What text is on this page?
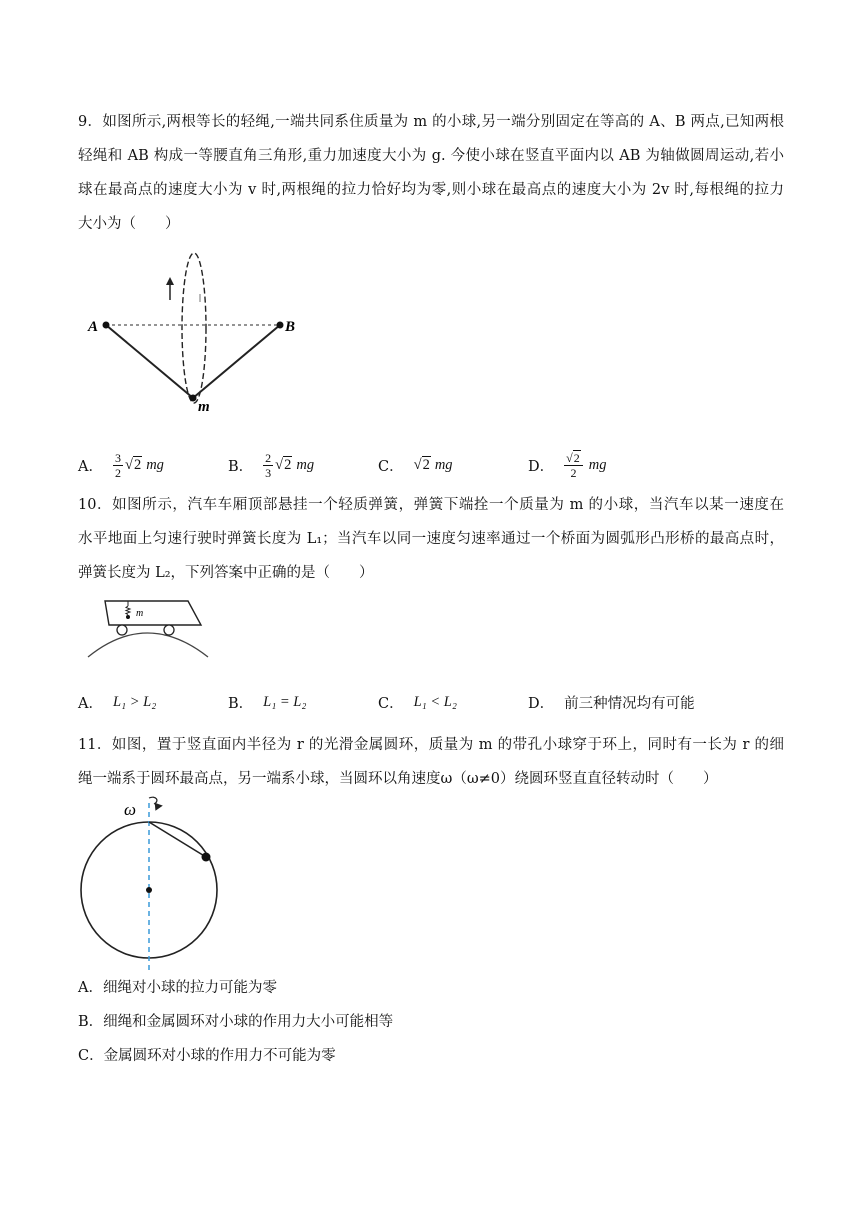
9．如图所示,两根等长的轻绳,一端共同系住质量为 m 的小球,另一端分别固定在等高的 A、B 两点,已知两根
轻绳和 AB 构成一等腰直角三角形,重力加速度大小为 g. 今使小球在竖直平面内以 AB 为轴做圆周运动,若小
球在最高点的速度大小为 v 时,两根绳的拉力恰好均为零,则小球在最高点的速度大小为 2v 时,每根绳的拉力
大小为（　　）
A	B
m
A． $\frac{3}{2} √2$ mg	B． $\frac{2}{3} √2$ mg	C． √2 mg	D． $\frac{√2}{2}$ mg
10．如图所示，汽车车厢顶部悬挂一个轻质弹簧，弹簧下端拴一个质量为 m 的小球，当汽车以某一速度在
水平地面上匀速行驶时弹簧长度为 L₁；当汽车以同一速度匀速率通过一个桥面为圆弧形凸形桥的最高点时，
弹簧长度为 L₂，下列答案中正确的是（　　）
m
A． L₁ > L₂	B． L₁ = L₂	C． L₁ < L₂	D． 前三种情况均有可能
11．如图，置于竖直面内半径为 r 的光滑金属圆环，质量为 m 的带孔小球穿于环上，同时有一长为 r 的细
绳一端系于圆环最高点，另一端系小球，当圆环以角速度ω（ω≠0）绕圆环竖直直径转动时（　　）
ω
A．细绳对小球的拉力可能为零
B．细绳和金属圆环对小球的作用力大小可能相等
C．金属圆环对小球的作用力不可能为零
